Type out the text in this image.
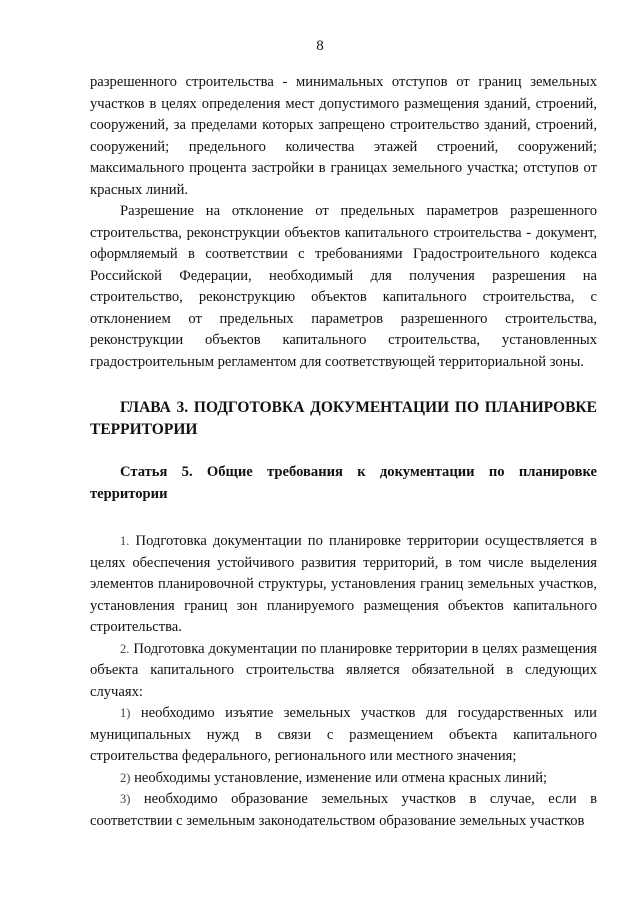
8

разрешенного строительства - минимальных отступов от границ земельных участков в целях определения мест допустимого размещения зданий, строений, сооружений, за пределами которых запрещено строительство зданий, строений, сооружений; предельного количества этажей строений, сооружений; максимального процента застройки в границах земельного участка; отступов от красных линий.

Разрешение на отклонение от предельных параметров разрешенного строительства, реконструкции объектов капитального строительства - документ, оформляемый в соответствии с требованиями Градостроительного кодекса Российской Федерации, необходимый для получения разрешения на строительство, реконструкцию объектов капитального строительства, с отклонением от предельных параметров разрешенного строительства, реконструкции объектов капитального строительства, установленных градостроительным регламентом для соответствующей территориальной зоны.

ГЛАВА 3. ПОДГОТОВКА ДОКУМЕНТАЦИИ ПО ПЛАНИРОВКЕ ТЕРРИТОРИИ
Статья 5. Общие требования к документации по планировке территории

1. Подготовка документации по планировке территории осуществляется в целях обеспечения устойчивого развития территорий, в том числе выделения элементов планировочной структуры, установления границ земельных участков, установления границ зон планируемого размещения объектов капитального строительства.

2. Подготовка документации по планировке территории в целях размещения объекта капитального строительства является обязательной в следующих случаях:

1) необходимо изъятие земельных участков для государственных или муниципальных нужд в связи с размещением объекта капитального строительства федерального, регионального или местного значения;

2) необходимы установление, изменение или отмена красных линий;

3) необходимо образование земельных участков в случае, если в соответствии с земельным законодательством образование земельных участков
